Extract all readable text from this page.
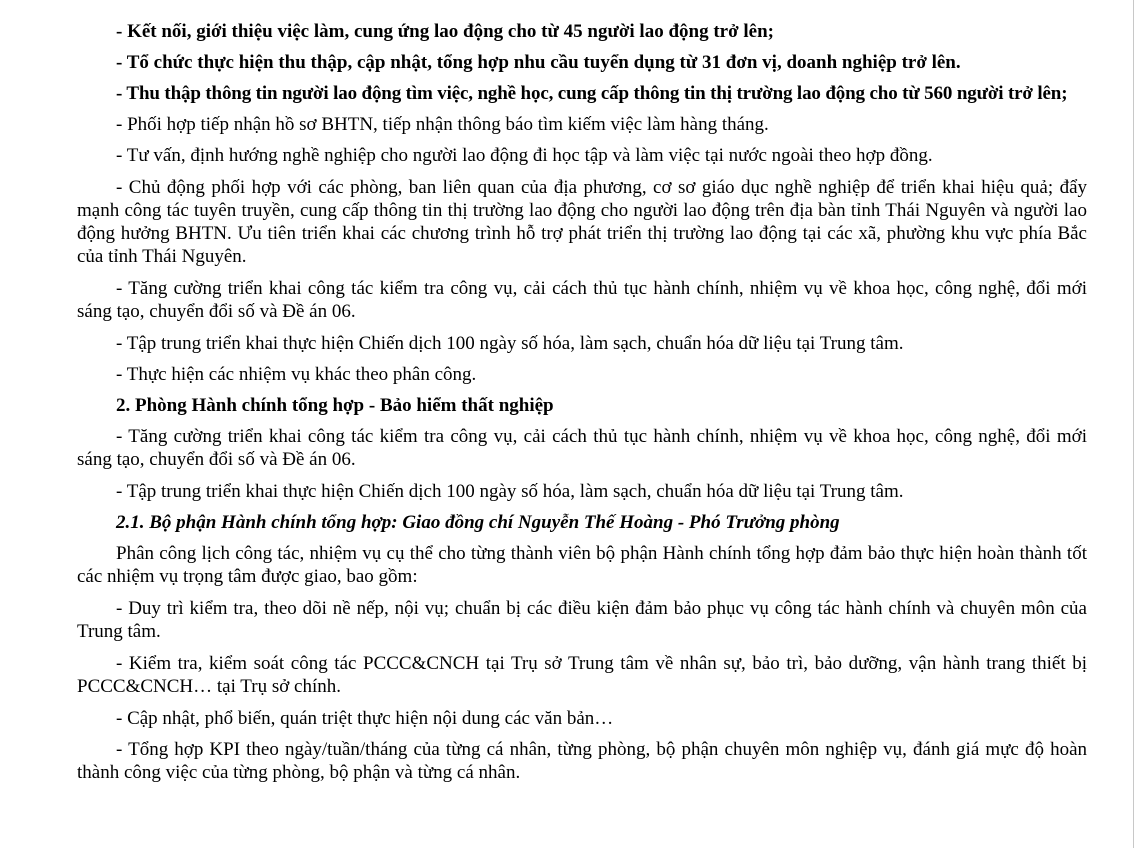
- Kết nối, giới thiệu việc làm, cung ứng lao động cho từ 45 người lao động trở lên;

- Tổ chức thực hiện thu thập, cập nhật, tổng hợp nhu cầu tuyển dụng từ 31 đơn vị, doanh nghiệp trở lên.

- Thu thập thông tin người lao động tìm việc, nghề học, cung cấp thông tin thị trường lao động cho từ 560 người trở lên;

- Phối hợp tiếp nhận hồ sơ BHTN, tiếp nhận thông báo tìm kiếm việc làm hàng tháng.

- Tư vấn, định hướng nghề nghiệp cho người lao động đi học tập và làm việc tại nước ngoài theo hợp đồng.

- Chủ động phối hợp với các phòng, ban liên quan của địa phương, cơ sơ giáo dục nghề nghiệp để triển khai hiệu quả; đẩy mạnh công tác tuyên truyền, cung cấp thông tin thị trường lao động cho người lao động trên địa bàn tỉnh Thái Nguyên và người lao động hưởng BHTN. Ưu tiên triển khai các chương trình hỗ trợ phát triển thị trường lao động tại các xã, phường khu vực phía Bắc của tỉnh Thái Nguyên.

- Tăng cường triển khai công tác kiểm tra công vụ, cải cách thủ tục hành chính, nhiệm vụ về khoa học, công nghệ, đổi mới sáng tạo, chuyển đổi số và Đề án 06.

- Tập trung triển khai thực hiện Chiến dịch 100 ngày số hóa, làm sạch, chuẩn hóa dữ liệu tại Trung tâm.

- Thực hiện các nhiệm vụ khác theo phân công.

2. Phòng Hành chính tổng hợp - Bảo hiểm thất nghiệp

- Tăng cường triển khai công tác kiểm tra công vụ, cải cách thủ tục hành chính, nhiệm vụ về khoa học, công nghệ, đổi mới sáng tạo, chuyển đổi số và Đề án 06.

- Tập trung triển khai thực hiện Chiến dịch 100 ngày số hóa, làm sạch, chuẩn hóa dữ liệu tại Trung tâm.

2.1. Bộ phận Hành chính tổng hợp: Giao đồng chí Nguyễn Thế Hoàng - Phó Trưởng phòng

Phân công lịch công tác, nhiệm vụ cụ thể cho từng thành viên bộ phận Hành chính tổng hợp đảm bảo thực hiện hoàn thành tốt các nhiệm vụ trọng tâm được giao, bao gồm:

- Duy trì kiểm tra, theo dõi nề nếp, nội vụ; chuẩn bị các điều kiện đảm bảo phục vụ công tác hành chính và chuyên môn của Trung tâm.

- Kiểm tra, kiểm soát công tác PCCC&CNCH tại Trụ sở Trung tâm về nhân sự, bảo trì, bảo dưỡng, vận hành trang thiết bị PCCC&CNCH… tại Trụ sở chính.

- Cập nhật, phổ biến, quán triệt thực hiện nội dung các văn bản…

- Tổng hợp KPI theo ngày/tuần/tháng của từng cá nhân, từng phòng, bộ phận chuyên môn nghiệp vụ, đánh giá mực độ hoàn thành công việc của từng phòng, bộ phận và từng cá nhân.
